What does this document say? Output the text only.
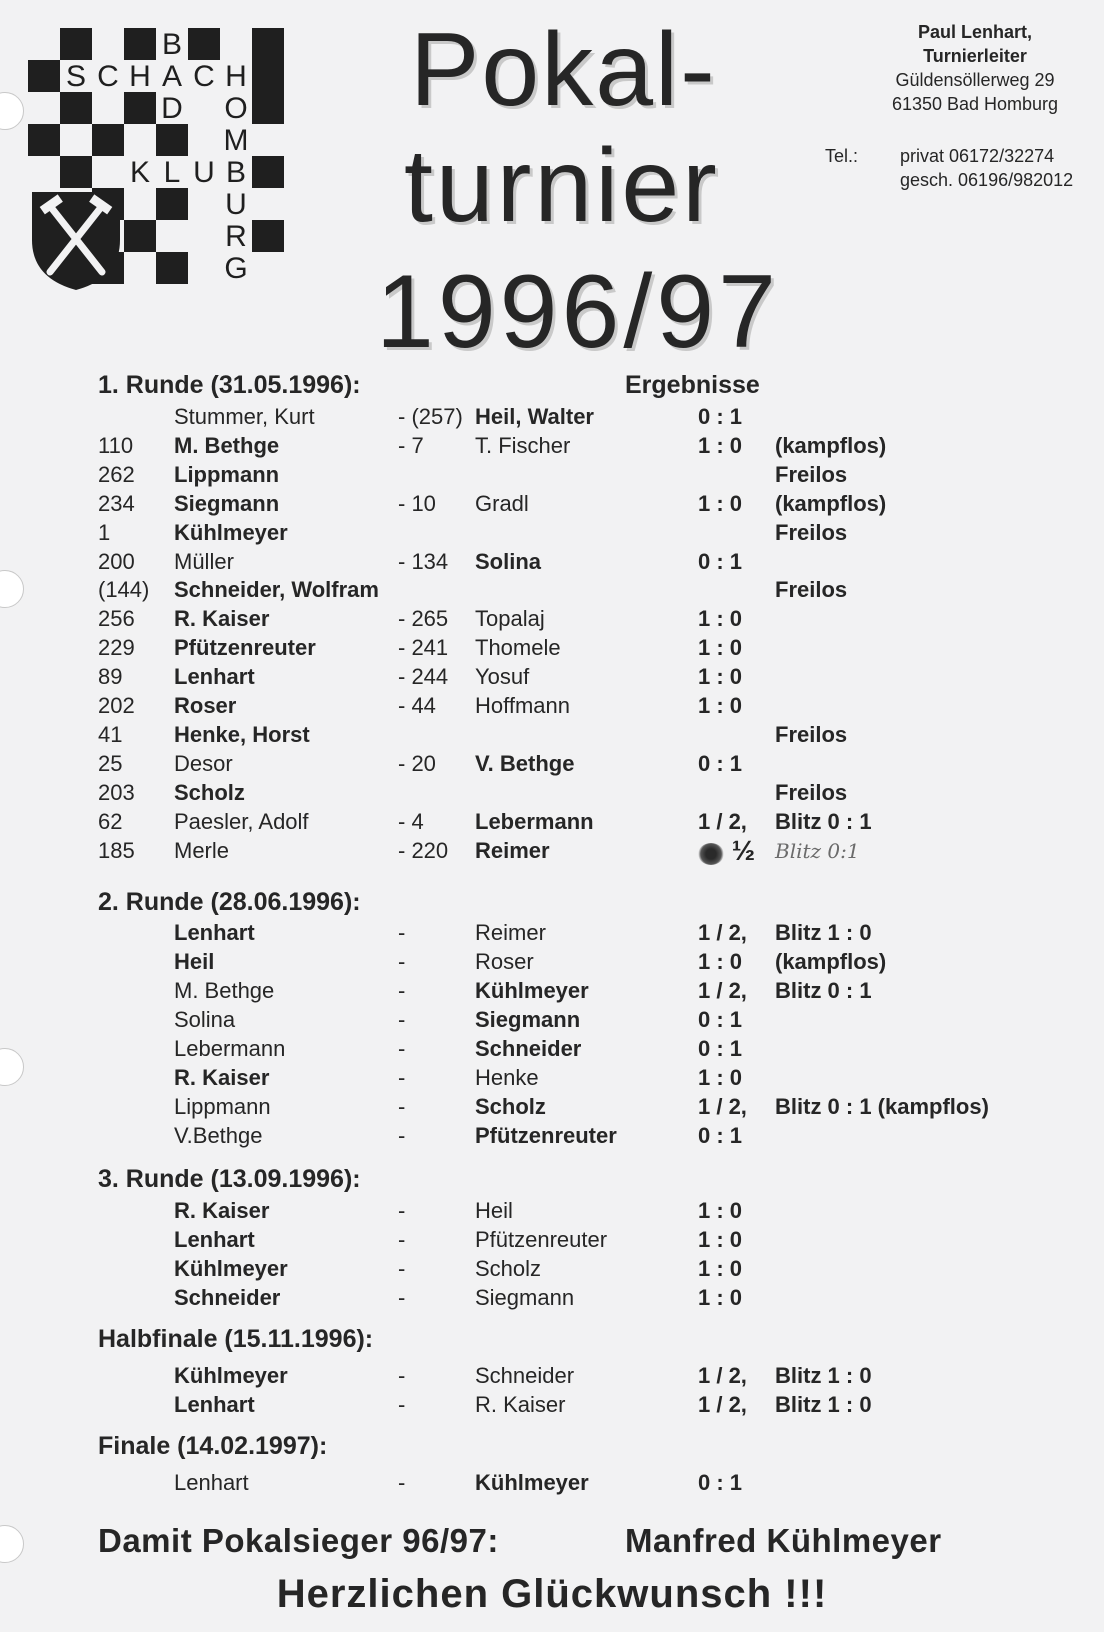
B
S C H A C H
D O
M
K L U B
U
R
G
Pokal-
turnier
1996/97
Paul Lenhart,
Turnierleiter
Güldensöllerweg 29
61350 Bad Homburg
Tel.: privat 06172/32274
gesch. 06196/982012
Ergebnisse
1. Runde (31.05.1996):
Stummer, Kurt	- (257) Heil, Walter	0 : 1
110 M. Bethge	- 7 T. Fischer	1 : 0 (kampflos)
262 Lippmann	Freilos
234 Siegmann	- 10 Gradl	1 : 0 (kampflos)
1	Kühlmeyer	Freilos
200 Müller	- 134 Solina	0 : 1
(144) Schneider, Wolfram	Freilos
256 R. Kaiser	- 265 Topalaj	1 : 0
229 Pfützenreuter	- 241 Thomele	1 : 0
89 Lenhart	- 244 Yosuf	1 : 0
202 Roser	- 44 Hoffmann	1 : 0
41 Henke, Horst	Freilos
25 Desor	- 20 V. Bethge	0 : 1
203 Scholz	Freilos
62 Paesler, Adolf	- 4 Lebermann	1 / 2, Blitz 0 : 1
185 Merle	- 220 Reimer	½ Blitz 0:1
2. Runde (28.06.1996):
Lenhart	-	Reimer	1 / 2, Blitz 1 : 0
Heil	-	Roser	1 : 0 (kampflos)
M. Bethge	-	Kühlmeyer	1 / 2, Blitz 0 : 1
Solina	-	Siegmann	0 : 1
Lebermann	-	Schneider	0 : 1
R. Kaiser	-	Henke	1 : 0
Lippmann	-	Scholz	1 / 2, Blitz 0 : 1 (kampflos)
V.Bethge	-	Pfützenreuter	0 : 1
3. Runde (13.09.1996):
R. Kaiser	-	Heil	1 : 0
Lenhart	-	Pfützenreuter	1 : 0
Kühlmeyer	-	Scholz	1 : 0
Schneider	-	Siegmann	1 : 0
Halbfinale (15.11.1996):
Kühlmeyer	-	Schneider	1 / 2, Blitz 1 : 0
Lenhart	-	R. Kaiser	1 / 2, Blitz 1 : 0
Finale (14.02.1997):
Lenhart	-	Kühlmeyer	0 : 1
Damit Pokalsieger 96/97:	Manfred Kühlmeyer
Herzlichen Glückwunsch !!!
